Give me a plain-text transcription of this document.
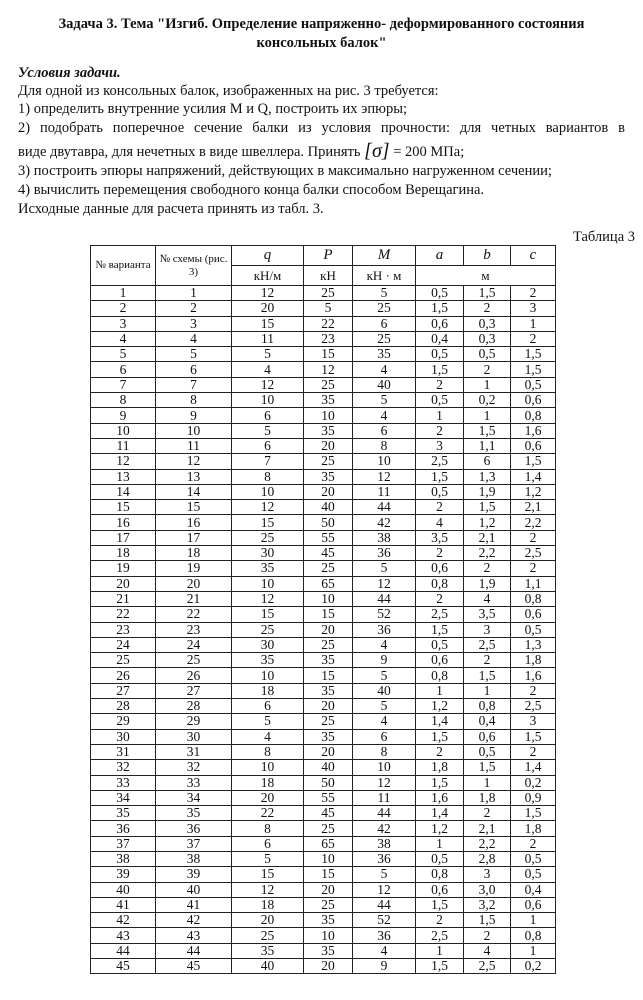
Задача 3. Тема "Изгиб. Определение напряженно- деформированного состояния
консольных балок"
Условия задачи.
Для одной из консольных балок, изображенных на рис. 3 требуется:
1) определить внутренние усилия M и Q, построить их эпюры;
2) подобрать поперечное сечение балки из условия прочности: для четных вариантов в
виде двутавра, для нечетных в виде швеллера. Принять [σ] = 200 МПа;
3) построить эпюры напряжений, действующих в максимально нагруженном сечении;
4) вычислить перемещения свободного конца балки способом Верещагина.
Исходные данные для расчета принять из табл. 3.
Таблица 3
№ варианта	№ схемы (рис. 3)	q	P	M	a	b	c
		кН/м	кН	кН · м	м		
1	1	12	25	5	0,5	1,5	2
2	2	20	5	25	1,5	2	3
3	3	15	22	6	0,6	0,3	1
4	4	11	23	25	0,4	0,3	2
5	5	5	15	35	0,5	0,5	1,5
6	6	4	12	4	1,5	2	1,5
7	7	12	25	40	2	1	0,5
8	8	10	35	5	0,5	0,2	0,6
9	9	6	10	4	1	1	0,8
10	10	5	35	6	2	1,5	1,6
11	11	6	20	8	3	1,1	0,6
12	12	7	25	10	2,5	6	1,5
13	13	8	35	12	1,5	1,3	1,4
14	14	10	20	11	0,5	1,9	1,2
15	15	12	40	44	2	1,5	2,1
16	16	15	50	42	4	1,2	2,2
17	17	25	55	38	3,5	2,1	2
18	18	30	45	36	2	2,2	2,5
19	19	35	25	5	0,6	2	2
20	20	10	65	12	0,8	1,9	1,1
21	21	12	10	44	2	4	0,8
22	22	15	15	52	2,5	3,5	0,6
23	23	25	20	36	1,5	3	0,5
24	24	30	25	4	0,5	2,5	1,3
25	25	35	35	9	0,6	2	1,8
26	26	10	15	5	0,8	1,5	1,6
27	27	18	35	40	1	1	2
28	28	6	20	5	1,2	0,8	2,5
29	29	5	25	4	1,4	0,4	3
30	30	4	35	6	1,5	0,6	1,5
31	31	8	20	8	2	0,5	2
32	32	10	40	10	1,8	1,5	1,4
33	33	18	50	12	1,5	1	0,2
34	34	20	55	11	1,6	1,8	0,9
35	35	22	45	44	1,4	2	1,5
36	36	8	25	42	1,2	2,1	1,8
37	37	6	65	38	1	2,2	2
38	38	5	10	36	0,5	2,8	0,5
39	39	15	15	5	0,8	3	0,5
40	40	12	20	12	0,6	3,0	0,4
41	41	18	25	44	1,5	3,2	0,6
42	42	20	35	52	2	1,5	1
43	43	25	10	36	2,5	2	0,8
44	44	35	35	4	1	4	1
45	45	40	20	9	1,5	2,5	0,2
